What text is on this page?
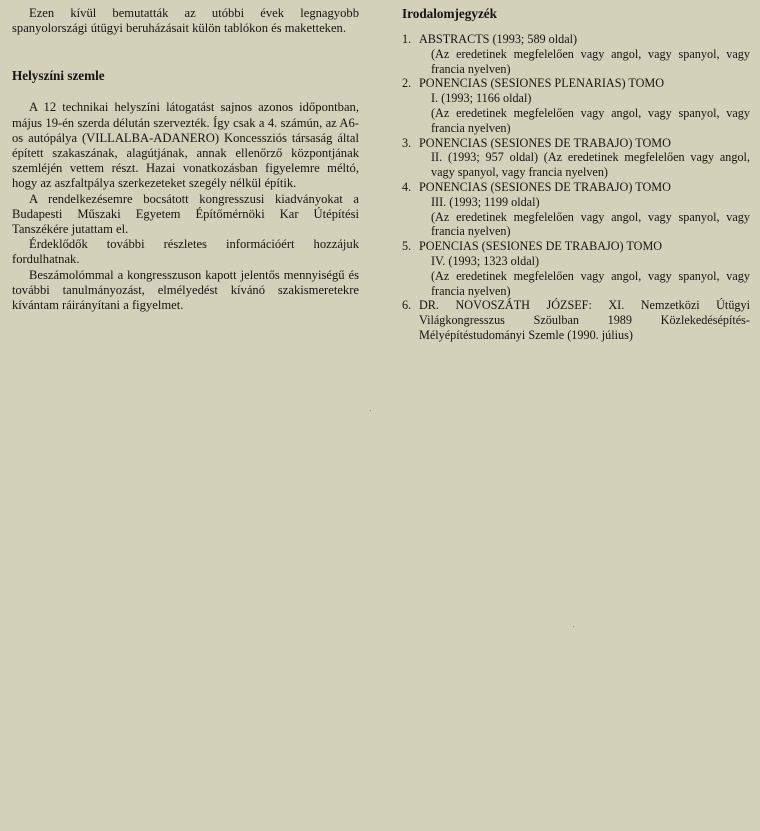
Ezen kívül bemutatták az utóbbi évek legnagyobb spanyolországi útügyi beruházásait külön tablókon és maketteken.

Helyszíni szemle

A 12 technikai helyszíni látogatást sajnos azonos időpontban, május 19-én szerda délután szervezték. Így csak a 4. számún, az A6-os autópálya (VILLALBA-ADANERO) Koncessziós társaság által épített szakaszának, alagútjának, annak ellenőrző központjának szemléjén vettem részt. Hazai vonatkozásban figyelemre méltó, hogy az aszfaltpálya szerkezeteket szegély nélkül építik.

A rendelkezésemre bocsátott kongresszusi kiadványokat a Budapesti Műszaki Egyetem Építőmérnöki Kar Útépítési Tanszékére jutattam el.

Érdeklődők további részletes információért hozzájuk fordulhatnak.

Beszámolómmal a kongresszuson kapott jelentős mennyiségű és további tanulmányozást, elmélyedést kívánó szakismeretekre kívántam ráirányítani a figyelmet.

Irodalomjegyzék
1. ABSTRACTS (1993; 589 oldal)
(Az eredetinek megfelelően vagy angol, vagy spanyol, vagy francia nyelven)
2. PONENCIAS (SESIONES PLENARIAS) TOMO
I. (1993; 1166 oldal)
(Az eredetinek megfelelően vagy angol, vagy spanyol, vagy francia nyelven)
3. PONENCIAS (SESIONES DE TRABAJO) TOMO
II. (1993; 957 oldal) (Az eredetinek megfelelően vagy angol, vagy spanyol, vagy francia nyelven)
4. PONENCIAS (SESIONES DE TRABAJO) TOMO
III. (1993; 1199 oldal)
(Az eredetinek megfelelően vagy angol, vagy spanyol, vagy francia nyelven)
5. POENCIAS (SESIONES DE TRABAJO) TOMO
IV. (1993; 1323 oldal)
(Az eredetinek megfelelően vagy angol, vagy spanyol, vagy francia nyelven)
6. DR. NOVOSZÁTH JÓZSEF: XI. Nemzetközi Útügyi Világkongresszus Szöulban 1989 Közlekedésépítés- Mélyépítéstudományi Szemle (1990. július)
